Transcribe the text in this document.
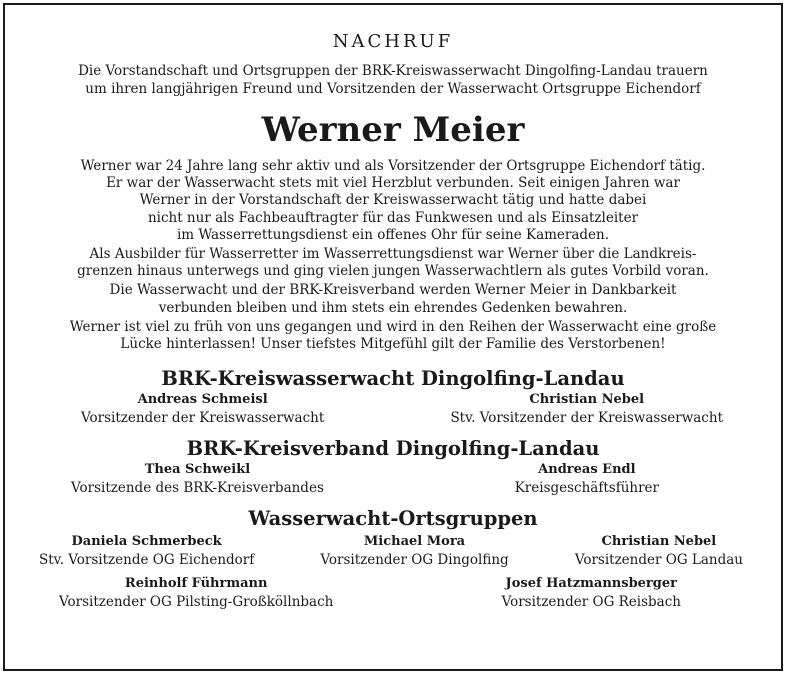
NACHRUF
Die Vorstandschaft und Ortsgruppen der BRK-Kreiswasserwacht Dingolfing-Landau trauern
um ihren langjährigen Freund und Vorsitzenden der Wasserwacht Ortsgruppe Eichendorf
Werner Meier

Werner war 24 Jahre lang sehr aktiv und als Vorsitzender der Ortsgruppe Eichendorf tätig.
Er war der Wasserwacht stets mit viel Herzblut verbunden. Seit einigen Jahren war
Werner in der Vorstandschaft der Kreiswasserwacht tätig und hatte dabei
nicht nur als Fachbeauftragter für das Funkwesen und als Einsatzleiter
im Wasserrettungsdienst ein offenes Ohr für seine Kameraden.

Als Ausbilder für Wasserretter im Wasserrettungsdienst war Werner über die Landkreis-
grenzen hinaus unterwegs und ging vielen jungen Wasserwachtlern als gutes Vorbild voran.

Die Wasserwacht und der BRK-Kreisverband werden Werner Meier in Dankbarkeit
verbunden bleiben und ihm stets ein ehrendes Gedenken bewahren.

Werner ist viel zu früh von uns gegangen und wird in den Reihen der Wasserwacht eine große
Lücke hinterlassen! Unser tiefstes Mitgefühl gilt der Familie des Verstorbenen!

BRK-Kreiswasserwacht Dingolfing-Landau
Andreas Schmeisl
Vorsitzender der Kreiswasserwacht
Christian Nebel
Stv. Vorsitzender der Kreiswasserwacht
BRK-Kreisverband Dingolfing-Landau
Thea Schweikl
Vorsitzende des BRK-Kreisverbandes
Andreas Endl
Kreisgeschäftsführer
Wasserwacht-Ortsgruppen
Daniela Schmerbeck
Stv. Vorsitzende OG Eichendorf
Michael Mora
Vorsitzender OG Dingolfing
Christian Nebel
Vorsitzender OG Landau
Reinholf Führmann
Vorsitzender OG Pilsting-Großköllnbach
Josef Hatzmannsberger
Vorsitzender OG Reisbach
